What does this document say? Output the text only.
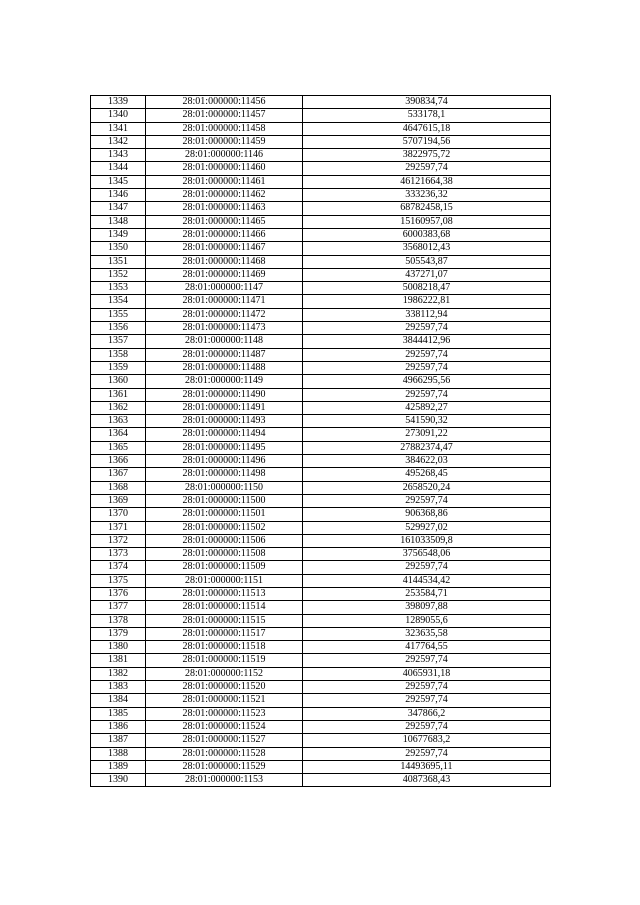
1339	28:01:000000:11456	390834,74
1340	28:01:000000:11457	533178,1
1341	28:01:000000:11458	4647615,18
1342	28:01:000000:11459	5707194,56
1343	28:01:000000:1146	3822975,72
1344	28:01:000000:11460	292597,74
1345	28:01:000000:11461	46121664,38
1346	28:01:000000:11462	333236,32
1347	28:01:000000:11463	68782458,15
1348	28:01:000000:11465	15160957,08
1349	28:01:000000:11466	6000383,68
1350	28:01:000000:11467	3568012,43
1351	28:01:000000:11468	505543,87
1352	28:01:000000:11469	437271,07
1353	28:01:000000:1147	5008218,47
1354	28:01:000000:11471	1986222,81
1355	28:01:000000:11472	338112,94
1356	28:01:000000:11473	292597,74
1357	28:01:000000:1148	3844412,96
1358	28:01:000000:11487	292597,74
1359	28:01:000000:11488	292597,74
1360	28:01:000000:1149	4966295,56
1361	28:01:000000:11490	292597,74
1362	28:01:000000:11491	425892,27
1363	28:01:000000:11493	541590,32
1364	28:01:000000:11494	273091,22
1365	28:01:000000:11495	27882374,47
1366	28:01:000000:11496	384622,03
1367	28:01:000000:11498	495268,45
1368	28:01:000000:1150	2658520,24
1369	28:01:000000:11500	292597,74
1370	28:01:000000:11501	906368,86
1371	28:01:000000:11502	529927,02
1372	28:01:000000:11506	161033509,8
1373	28:01:000000:11508	3756548,06
1374	28:01:000000:11509	292597,74
1375	28:01:000000:1151	4144534,42
1376	28:01:000000:11513	253584,71
1377	28:01:000000:11514	398097,88
1378	28:01:000000:11515	1289055,6
1379	28:01:000000:11517	323635,58
1380	28:01:000000:11518	417764,55
1381	28:01:000000:11519	292597,74
1382	28:01:000000:1152	4065931,18
1383	28:01:000000:11520	292597,74
1384	28:01:000000:11521	292597,74
1385	28:01:000000:11523	347866,2
1386	28:01:000000:11524	292597,74
1387	28:01:000000:11527	10677683,2
1388	28:01:000000:11528	292597,74
1389	28:01:000000:11529	14493695,11
1390	28:01:000000:1153	4087368,43
